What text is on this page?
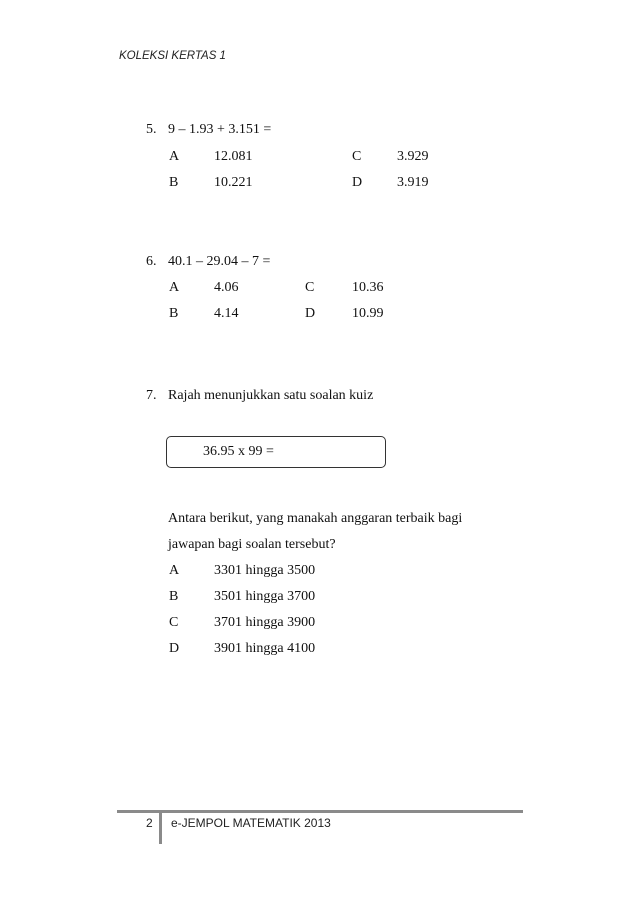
KOLEKSI KERTAS 1
5. 9 – 1.93 + 3.151 =
A 12.081	C	3.929
B	10.221	D 3.919
6. 40.1 – 29.04 – 7 =
A 4.06	C	10.36
B	4.14	D	10.99
7. Rajah menunjukkan satu soalan kuiz
36.95 x 99 =
Antara berikut, yang manakah anggaran terbaik bagi
jawapan bagi soalan tersebut?
A 3301 hingga 3500
B	3501 hingga 3700
C	3701 hingga 3900
D 3901 hingga 4100
2 e-JEMPOL MATEMATIK 2013
